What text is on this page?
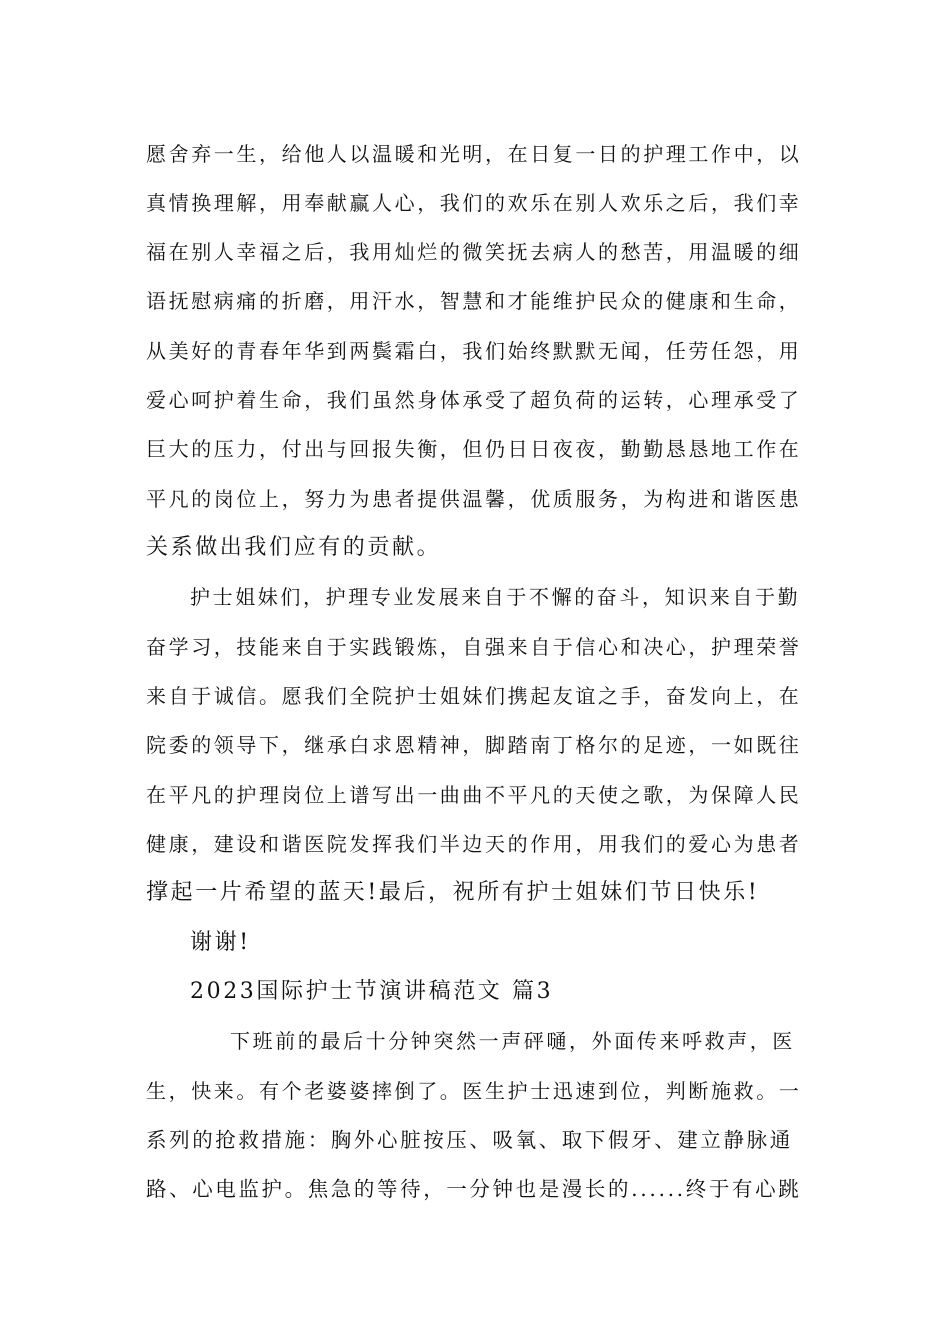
愿舍弃一生，给他人以温暖和光明，在日复一日的护理工作中，以
真情换理解，用奉献赢人心，我们的欢乐在别人欢乐之后，我们幸
福在别人幸福之后，我用灿烂的微笑抚去病人的愁苦，用温暖的细
语抚慰病痛的折磨，用汗水，智慧和才能维护民众的健康和生命，
从美好的青春年华到两鬓霜白，我们始终默默无闻，任劳任怨，用
爱心呵护着生命，我们虽然身体承受了超负荷的运转，心理承受了
巨大的压力，付出与回报失衡，但仍日日夜夜，勤勤恳恳地工作在
平凡的岗位上，努力为患者提供温馨，优质服务，为构进和谐医患
关系做出我们应有的贡献。
护士姐妹们，护理专业发展来自于不懈的奋斗，知识来自于勤
奋学习，技能来自于实践锻炼，自强来自于信心和决心，护理荣誉
来自于诚信。愿我们全院护士姐妹们携起友谊之手，奋发向上，在
院委的领导下，继承白求恩精神，脚踏南丁格尔的足迹，一如既往
在平凡的护理岗位上谱写出一曲曲不平凡的天使之歌，为保障人民
健康，建设和谐医院发挥我们半边天的作用，用我们的爱心为患者
撑起一片希望的蓝天!最后，祝所有护士姐妹们节日快乐!
谢谢!
2023国际护士节演讲稿范文 篇3
下班前的最后十分钟突然一声砰嗵，外面传来呼救声，医
生，快来。有个老婆婆摔倒了。医生护士迅速到位，判断施救。一
系列的抢救措施：胸外心脏按压、吸氧、取下假牙、建立静脉通
路、心电监护。焦急的等待，一分钟也是漫长的......终于有心跳
